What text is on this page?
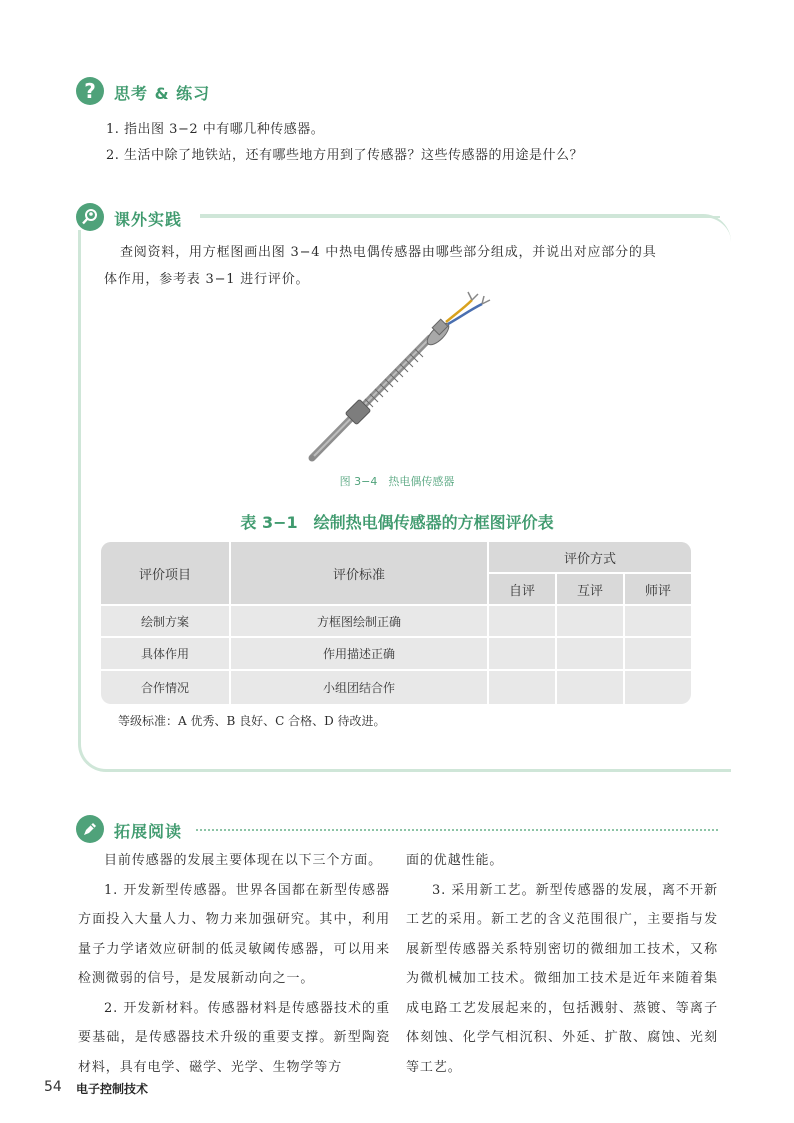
?	思考 & 练习
1. 指出图 3−2 中有哪几种传感器。
2. 生活中除了地铁站，还有哪些地方用到了传感器？这些传感器的用途是什么？
课外实践
查阅资料，用方框图画出图 3−4 中热电偶传感器由哪些部分组成，并说出对应部分的具
体作用，参考表 3−1 进行评价。
图 3−4　热电偶传感器
表 3−1　绘制热电偶传感器的方框图评价表
评价项目	评价标准
评价方式
自评	互评	师评
绘制方案	方框图绘制正确
具体作用	作用描述正确
合作情况	小组团结合作
等级标准：A 优秀、B 良好、C 合格、D 待改进。
拓展阅读

目前传感器的发展主要体现在以下三个方面。

1. 开发新型传感器。世界各国都在新型传感器方面投入大量人力、物力来加强研究。其中，利用量子力学诸效应研制的低灵敏阈传感器，可以用来检测微弱的信号，是发展新动向之一。

2. 开发新材料。传感器材料是传感器技术的重要基础，是传感器技术升级的重要支撑。新型陶瓷材料，具有电学、磁学、光学、生物学等方

面的优越性能。

3. 采用新工艺。新型传感器的发展，离不开新工艺的采用。新工艺的含义范围很广，主要指与发展新型传感器关系特别密切的微细加工技术，又称为微机械加工技术。微细加工技术是近年来随着集成电路工艺发展起来的，包括溅射、蒸镀、等离子体刻蚀、化学气相沉积、外延、扩散、腐蚀、光刻等工艺。

54 电子控制技术
